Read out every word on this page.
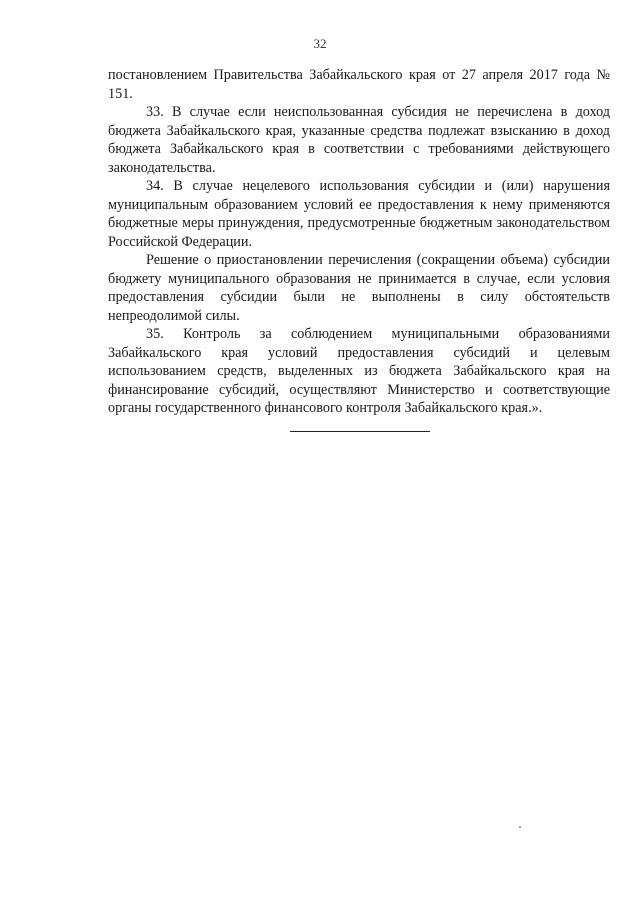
32

постановлением Правительства Забайкальского края от 27 апреля 2017 года № 151.

33. В случае если неиспользованная субсидия не перечислена в доход бюджета Забайкальского края, указанные средства подлежат взысканию в доход бюджета Забайкальского края в соответствии с требованиями действующего законодательства.

34. В случае нецелевого использования субсидии и (или) нарушения муниципальным образованием условий ее предоставления к нему применяются бюджетные меры принуждения, предусмотренные бюджетным законодательством Российской Федерации.

Решение о приостановлении перечисления (сокращении объема) субсидии бюджету муниципального образования не принимается в случае, если условия предоставления субсидии были не выполнены в силу обстоятельств непреодолимой силы.

35. Контроль за соблюдением муниципальными образованиями Забайкальского края условий предоставления субсидий и целевым использованием средств, выделенных из бюджета Забайкальского края на финансирование субсидий, осуществляют Министерство и соответствующие органы государственного финансового контроля Забайкальского края.».
